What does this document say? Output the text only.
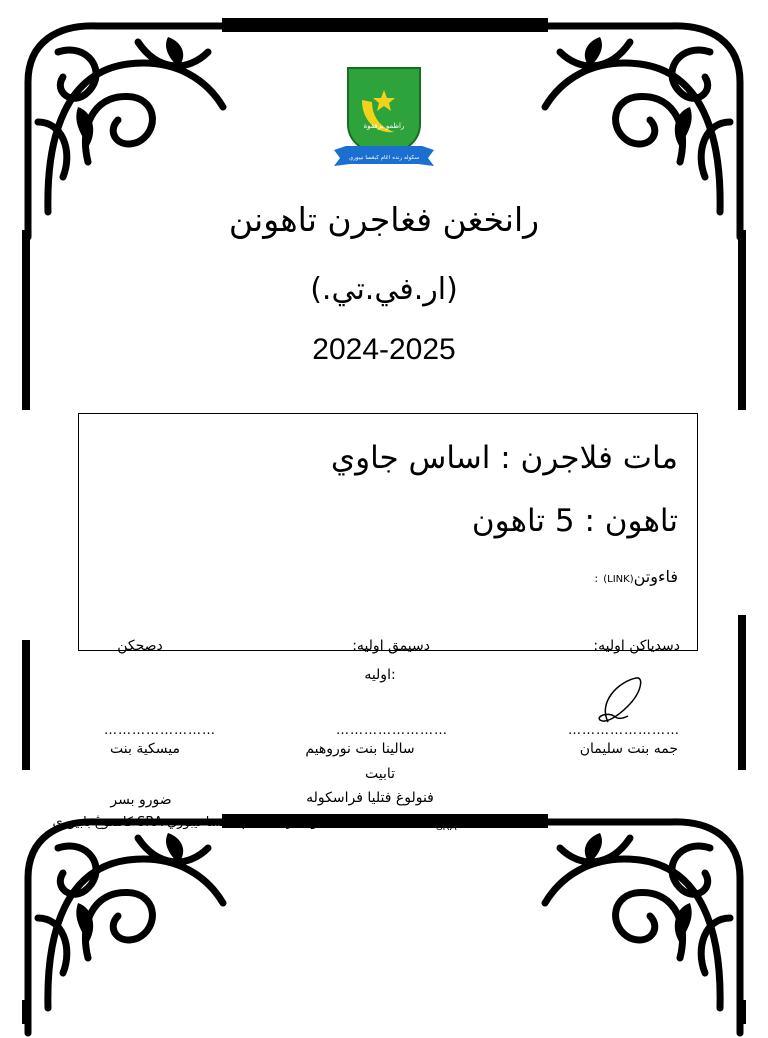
راظمو برفقوة
سكوله رنده اڠام كبڠسا نيبوري
رانخغن فغاجرن تاهونن
(.ار.في.تي)
2024-2025
مات فلاجرن : اساس جاوي
تاهون : 5 تاهون
فاءوتن(LINK) :
دسدياكن اوليه:
دسيمق اوليه:
:اوليه
دصحكن
……………………
……………………
……………………
جمه بنت سليمان
سالينا بنت نوروهيم
تابيت
ميسكية بنت
فنولوغ فتليا فراسكوله
SRA
ضورو بسر
سكولاه رنده اڠام كبڠسا نيبوري SRA كامفوڠ بابيوري
